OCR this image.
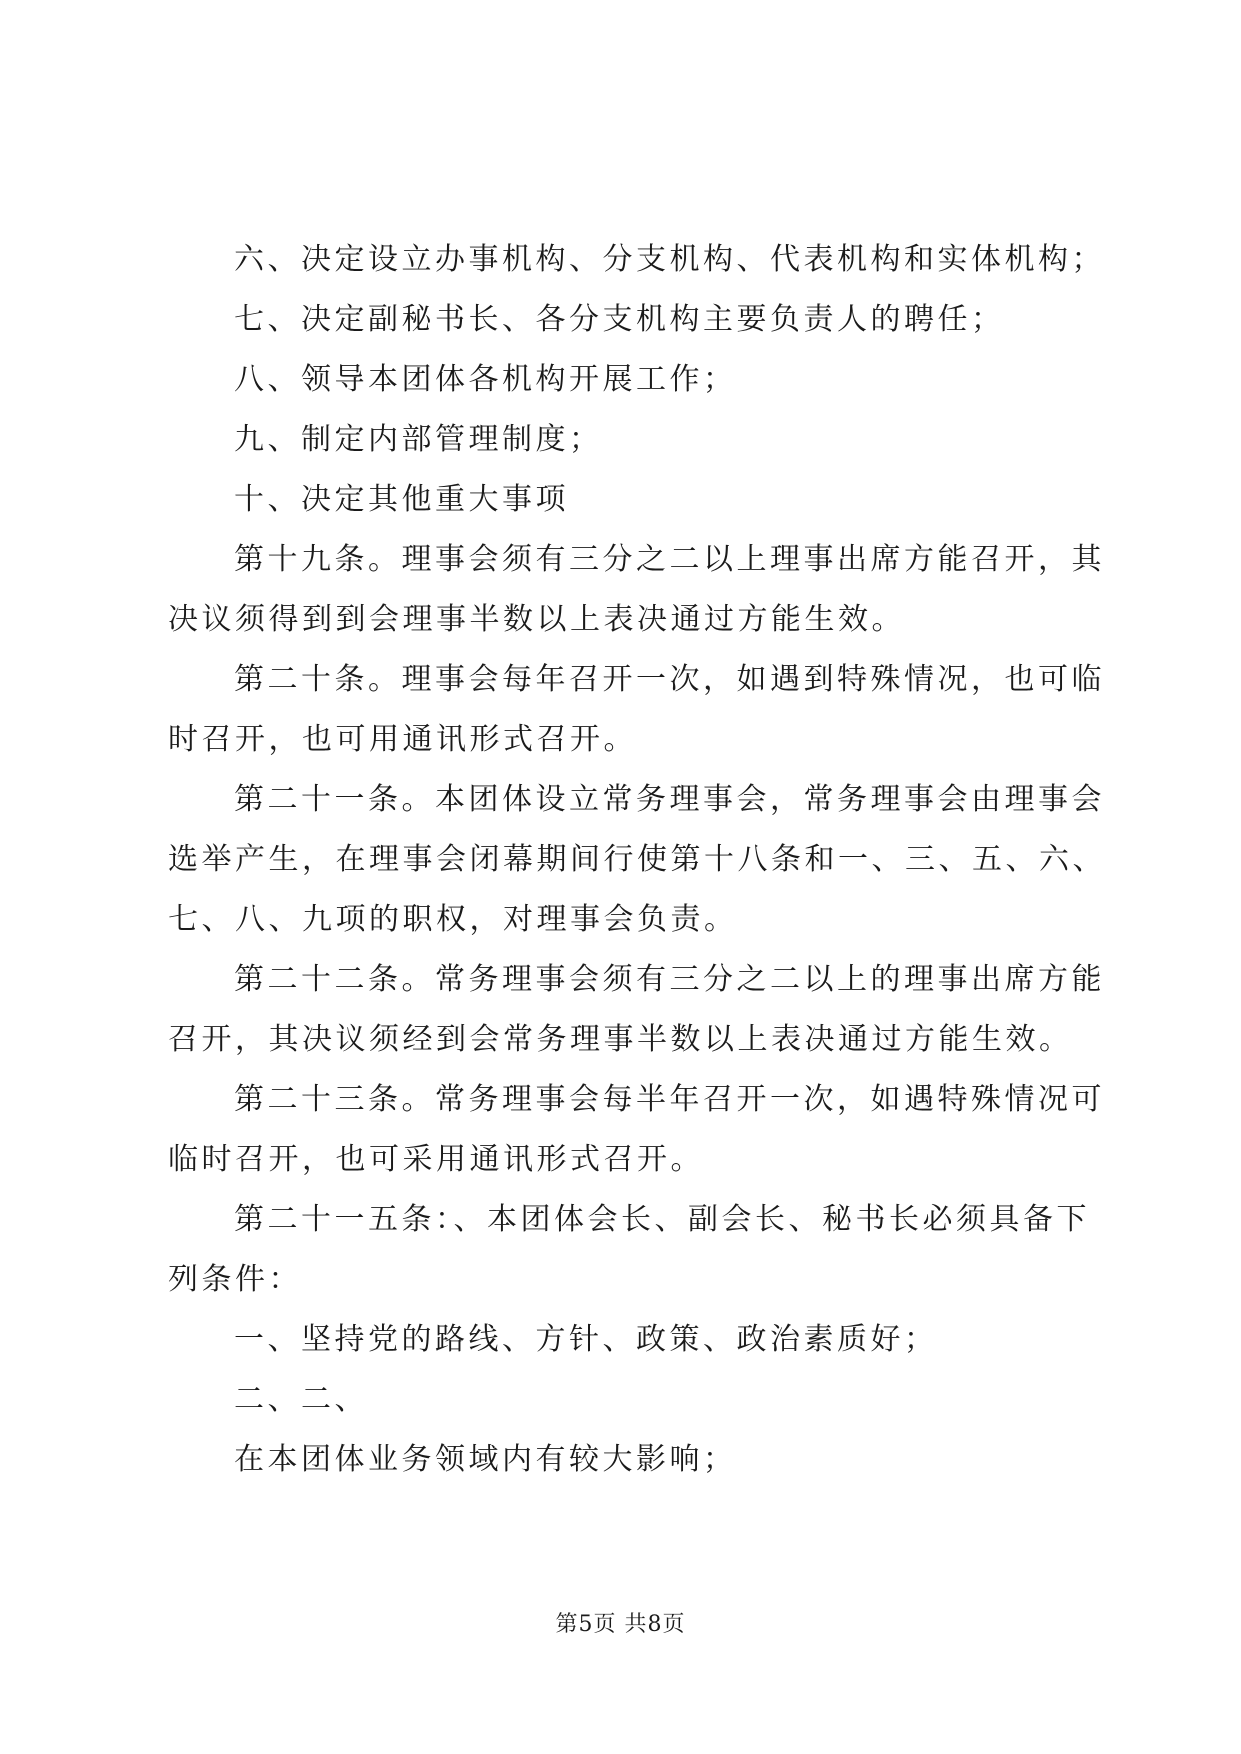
六、决定设立办事机构、分支机构、代表机构和实体机构；
七、决定副秘书长、各分支机构主要负责人的聘任；
八、领导本团体各机构开展工作；
九、制定内部管理制度；
十、决定其他重大事项
第十九条。理事会须有三分之二以上理事出席方能召开，其
决议须得到到会理事半数以上表决通过方能生效。
第二十条。理事会每年召开一次，如遇到特殊情况，也可临
时召开，也可用通讯形式召开。
第二十一条。本团体设立常务理事会，常务理事会由理事会
选举产生，在理事会闭幕期间行使第十八条和一、三、五、六、
七、八、九项的职权，对理事会负责。
第二十二条。常务理事会须有三分之二以上的理事出席方能
召开，其决议须经到会常务理事半数以上表决通过方能生效。
第二十三条。常务理事会每半年召开一次，如遇特殊情况可
临时召开，也可采用通讯形式召开。
第二十一五条：、本团体会长、副会长、秘书长必须具备下
列条件：
一、坚持党的路线、方针、政策、政治素质好；
二、二、
在本团体业务领域内有较大影响；
第5页 共8页
